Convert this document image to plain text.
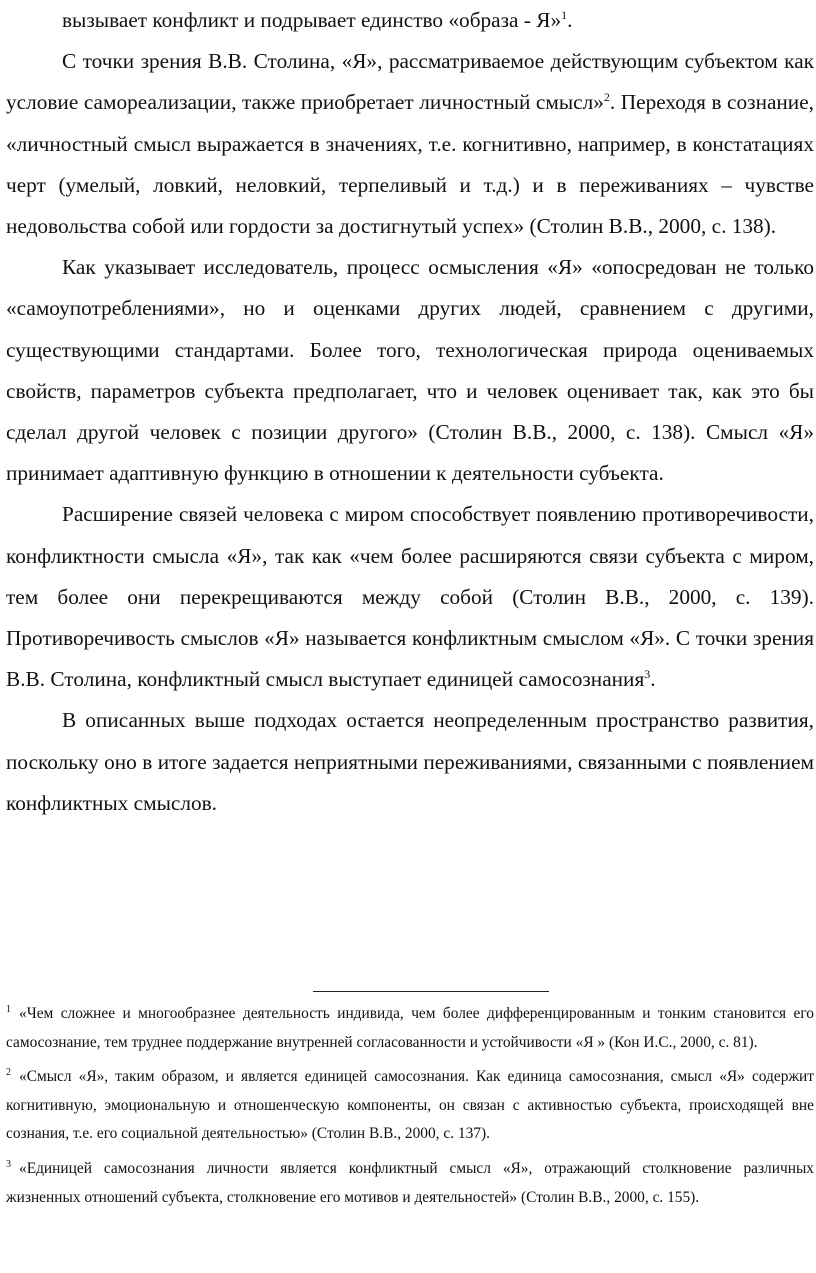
вызывает конфликт и подрывает единство «образа - Я»$^1$.

С точки зрения В.В. Столина, «Я», рассматриваемое действующим субъектом как условие самореализации, также приобретает личностный смысл»$^2$. Переходя в сознание, «личностный смысл выражается в значениях, т.е. когнитивно, например, в констатациях черт (умелый, ловкий, неловкий, терпеливый и т.д.) и в переживаниях – чувстве недовольства собой или гордости за достигнутый успех» (Столин В.В., 2000, с. 138).

Как указывает исследователь, процесс осмысления «Я» «опосредован не только «самоупотреблениями», но и оценками других людей, сравнением с другими, существующими стандартами. Более того, технологическая природа оцениваемых свойств, параметров субъекта предполагает, что и человек оценивает так, как это бы сделал другой человек с позиции другого» (Столин В.В., 2000, с. 138). Смысл «Я» принимает адаптивную функцию в отношении к деятельности субъекта.

Расширение связей человека с миром способствует появлению противоречивости, конфликтности смысла «Я», так как «чем более расширяются связи субъекта с миром, тем более они перекрещиваются между собой (Столин В.В., 2000, с. 139). Противоречивость смыслов «Я» называется конфликтным смыслом «Я». С точки зрения В.В. Столина, конфликтный смысл выступает единицей самосознания$^3$.

В описанных выше подходах остается неопределенным пространство развития, поскольку оно в итоге задается неприятными переживаниями, связанными с появлением конфликтных смыслов.

$^1$ «Чем сложнее и многообразнее деятельность индивида, чем более дифференцированным и тонким становится его самосознание, тем труднее поддержание внутренней согласованности и устойчивости «Я » (Кон И.С., 2000, с. 81).

$^2$ «Смысл «Я», таким образом, и является единицей самосознания. Как единица самосознания, смысл «Я» содержит когнитивную, эмоциональную и отношенческую компоненты, он связан с активностью субъекта, происходящей вне сознания, т.е. его социальной деятельностью» (Столин В.В., 2000, с. 137).

$^3$ «Единицей самосознания личности является конфликтный смысл «Я», отражающий столкновение различных жизненных отношений субъекта, столкновение его мотивов и деятельностей» (Столин В.В., 2000, с. 155).
